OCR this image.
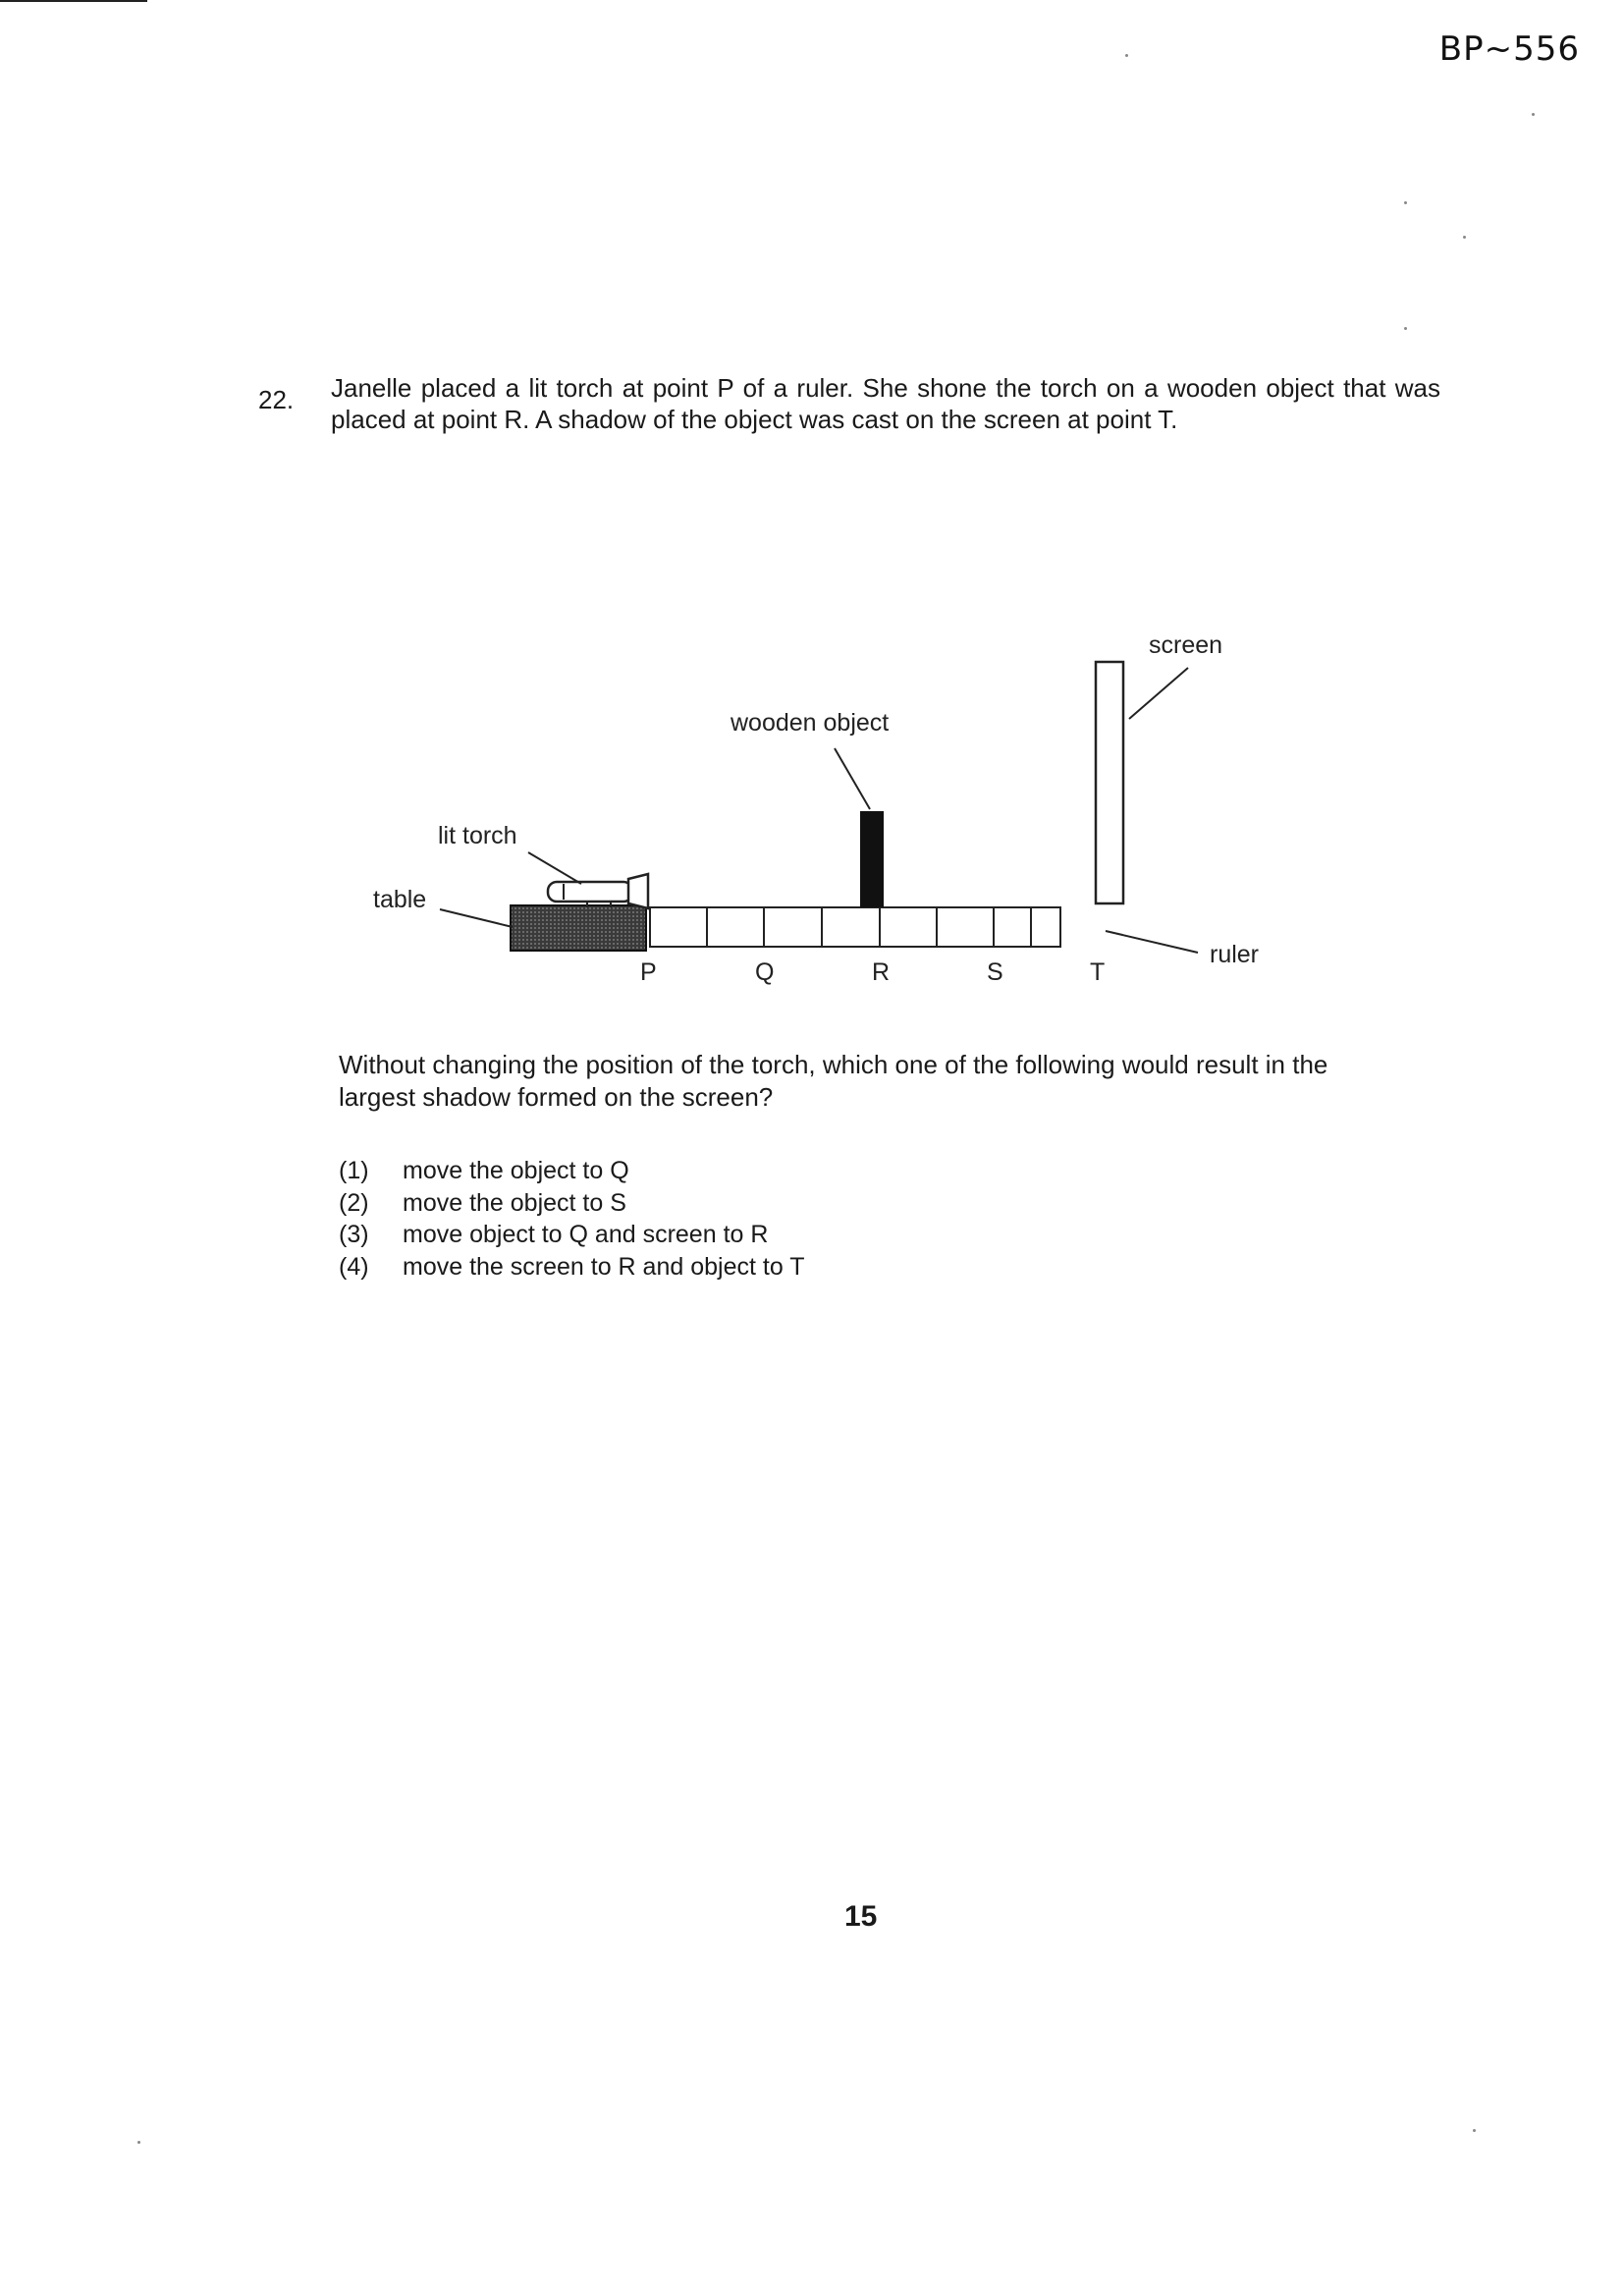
BP~556
22. Janelle placed a lit torch at point P of a ruler. She shone the torch on a wooden object that was placed at point R. A shadow of the object was cast on the screen at point T.
screen
wooden object
lit torch
table
ruler
P	Q	R	S	T
Without changing the position of the torch, which one of the following would result in the largest shadow formed on the screen?
(1)	move the object to Q
(2)	move the object to S
(3)	move object to Q and screen to R
(4)	move the screen to R and object to T
15
